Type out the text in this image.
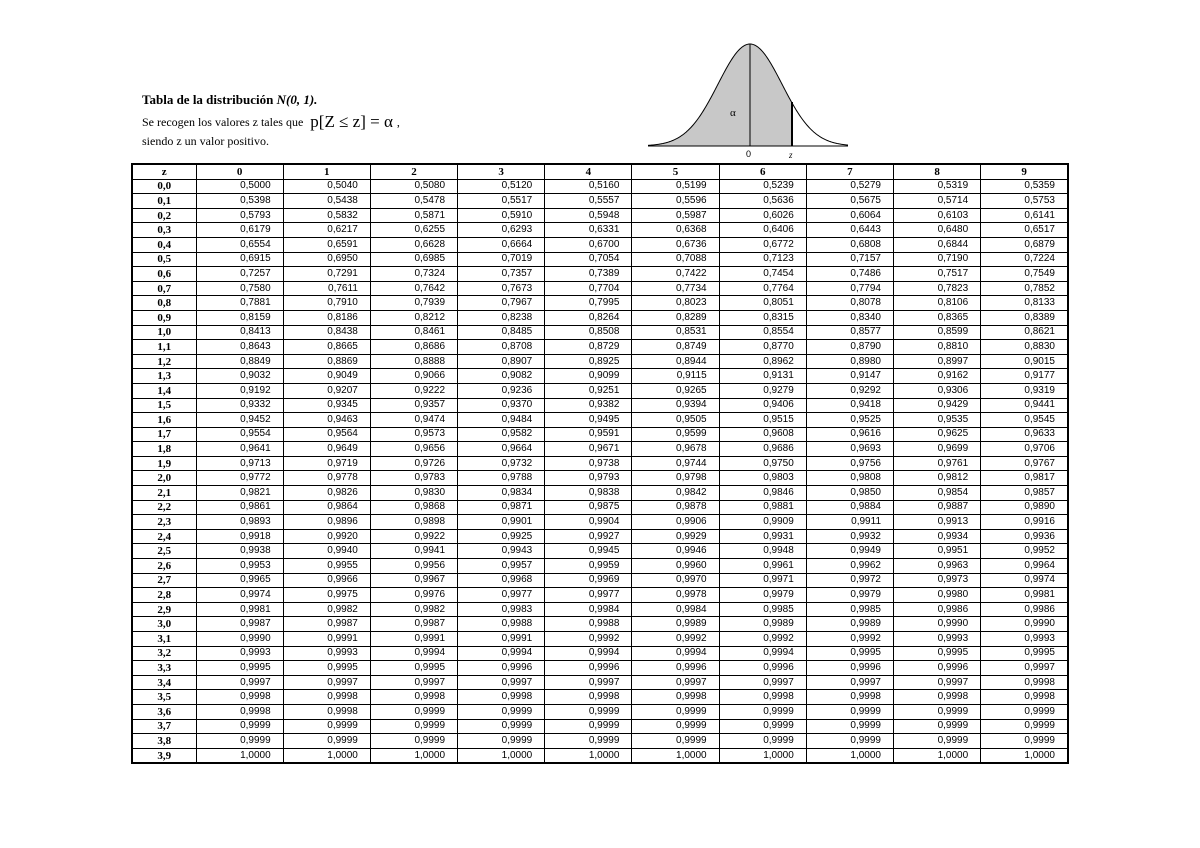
Tabla de la distribución N(0, 1).
Se recogen los valores z tales que p[Z ≤ z] = α ,
siendo z un valor positivo.
α
0	z
z	0	1	2	3	4	5	6	7	8	9
0,0	0,5000	0,5040	0,5080	0,5120	0,5160	0,5199	0,5239	0,5279	0,5319	0,5359
0,1	0,5398	0,5438	0,5478	0,5517	0,5557	0,5596	0,5636	0,5675	0,5714	0,5753
0,2	0,5793	0,5832	0,5871	0,5910	0,5948	0,5987	0,6026	0,6064	0,6103	0,6141
0,3	0,6179	0,6217	0,6255	0,6293	0,6331	0,6368	0,6406	0,6443	0,6480	0,6517
0,4	0,6554	0,6591	0,6628	0,6664	0,6700	0,6736	0,6772	0,6808	0,6844	0,6879
0,5	0,6915	0,6950	0,6985	0,7019	0,7054	0,7088	0,7123	0,7157	0,7190	0,7224
0,6	0,7257	0,7291	0,7324	0,7357	0,7389	0,7422	0,7454	0,7486	0,7517	0,7549
0,7	0,7580	0,7611	0,7642	0,7673	0,7704	0,7734	0,7764	0,7794	0,7823	0,7852
0,8	0,7881	0,7910	0,7939	0,7967	0,7995	0,8023	0,8051	0,8078	0,8106	0,8133
0,9	0,8159	0,8186	0,8212	0,8238	0,8264	0,8289	0,8315	0,8340	0,8365	0,8389
1,0	0,8413	0,8438	0,8461	0,8485	0,8508	0,8531	0,8554	0,8577	0,8599	0,8621
1,1	0,8643	0,8665	0,8686	0,8708	0,8729	0,8749	0,8770	0,8790	0,8810	0,8830
1,2	0,8849	0,8869	0,8888	0,8907	0,8925	0,8944	0,8962	0,8980	0,8997	0,9015
1,3	0,9032	0,9049	0,9066	0,9082	0,9099	0,9115	0,9131	0,9147	0,9162	0,9177
1,4	0,9192	0,9207	0,9222	0,9236	0,9251	0,9265	0,9279	0,9292	0,9306	0,9319
1,5	0,9332	0,9345	0,9357	0,9370	0,9382	0,9394	0,9406	0,9418	0,9429	0,9441
1,6	0,9452	0,9463	0,9474	0,9484	0,9495	0,9505	0,9515	0,9525	0,9535	0,9545
1,7	0,9554	0,9564	0,9573	0,9582	0,9591	0,9599	0,9608	0,9616	0,9625	0,9633
1,8	0,9641	0,9649	0,9656	0,9664	0,9671	0,9678	0,9686	0,9693	0,9699	0,9706
1,9	0,9713	0,9719	0,9726	0,9732	0,9738	0,9744	0,9750	0,9756	0,9761	0,9767
2,0	0,9772	0,9778	0,9783	0,9788	0,9793	0,9798	0,9803	0,9808	0,9812	0,9817
2,1	0,9821	0,9826	0,9830	0,9834	0,9838	0,9842	0,9846	0,9850	0,9854	0,9857
2,2	0,9861	0,9864	0,9868	0,9871	0,9875	0,9878	0,9881	0,9884	0,9887	0,9890
2,3	0,9893	0,9896	0,9898	0,9901	0,9904	0,9906	0,9909	0,9911	0,9913	0,9916
2,4	0,9918	0,9920	0,9922	0,9925	0,9927	0,9929	0,9931	0,9932	0,9934	0,9936
2,5	0,9938	0,9940	0,9941	0,9943	0,9945	0,9946	0,9948	0,9949	0,9951	0,9952
2,6	0,9953	0,9955	0,9956	0,9957	0,9959	0,9960	0,9961	0,9962	0,9963	0,9964
2,7	0,9965	0,9966	0,9967	0,9968	0,9969	0,9970	0,9971	0,9972	0,9973	0,9974
2,8	0,9974	0,9975	0,9976	0,9977	0,9977	0,9978	0,9979	0,9979	0,9980	0,9981
2,9	0,9981	0,9982	0,9982	0,9983	0,9984	0,9984	0,9985	0,9985	0,9986	0,9986
3,0	0,9987	0,9987	0,9987	0,9988	0,9988	0,9989	0,9989	0,9989	0,9990	0,9990
3,1	0,9990	0,9991	0,9991	0,9991	0,9992	0,9992	0,9992	0,9992	0,9993	0,9993
3,2	0,9993	0,9993	0,9994	0,9994	0,9994	0,9994	0,9994	0,9995	0,9995	0,9995
3,3	0,9995	0,9995	0,9995	0,9996	0,9996	0,9996	0,9996	0,9996	0,9996	0,9997
3,4	0,9997	0,9997	0,9997	0,9997	0,9997	0,9997	0,9997	0,9997	0,9997	0,9998
3,5	0,9998	0,9998	0,9998	0,9998	0,9998	0,9998	0,9998	0,9998	0,9998	0,9998
3,6	0,9998	0,9998	0,9999	0,9999	0,9999	0,9999	0,9999	0,9999	0,9999	0,9999
3,7	0,9999	0,9999	0,9999	0,9999	0,9999	0,9999	0,9999	0,9999	0,9999	0,9999
3,8	0,9999	0,9999	0,9999	0,9999	0,9999	0,9999	0,9999	0,9999	0,9999	0,9999
3,9	1,0000	1,0000	1,0000	1,0000	1,0000	1,0000	1,0000	1,0000	1,0000	1,0000
